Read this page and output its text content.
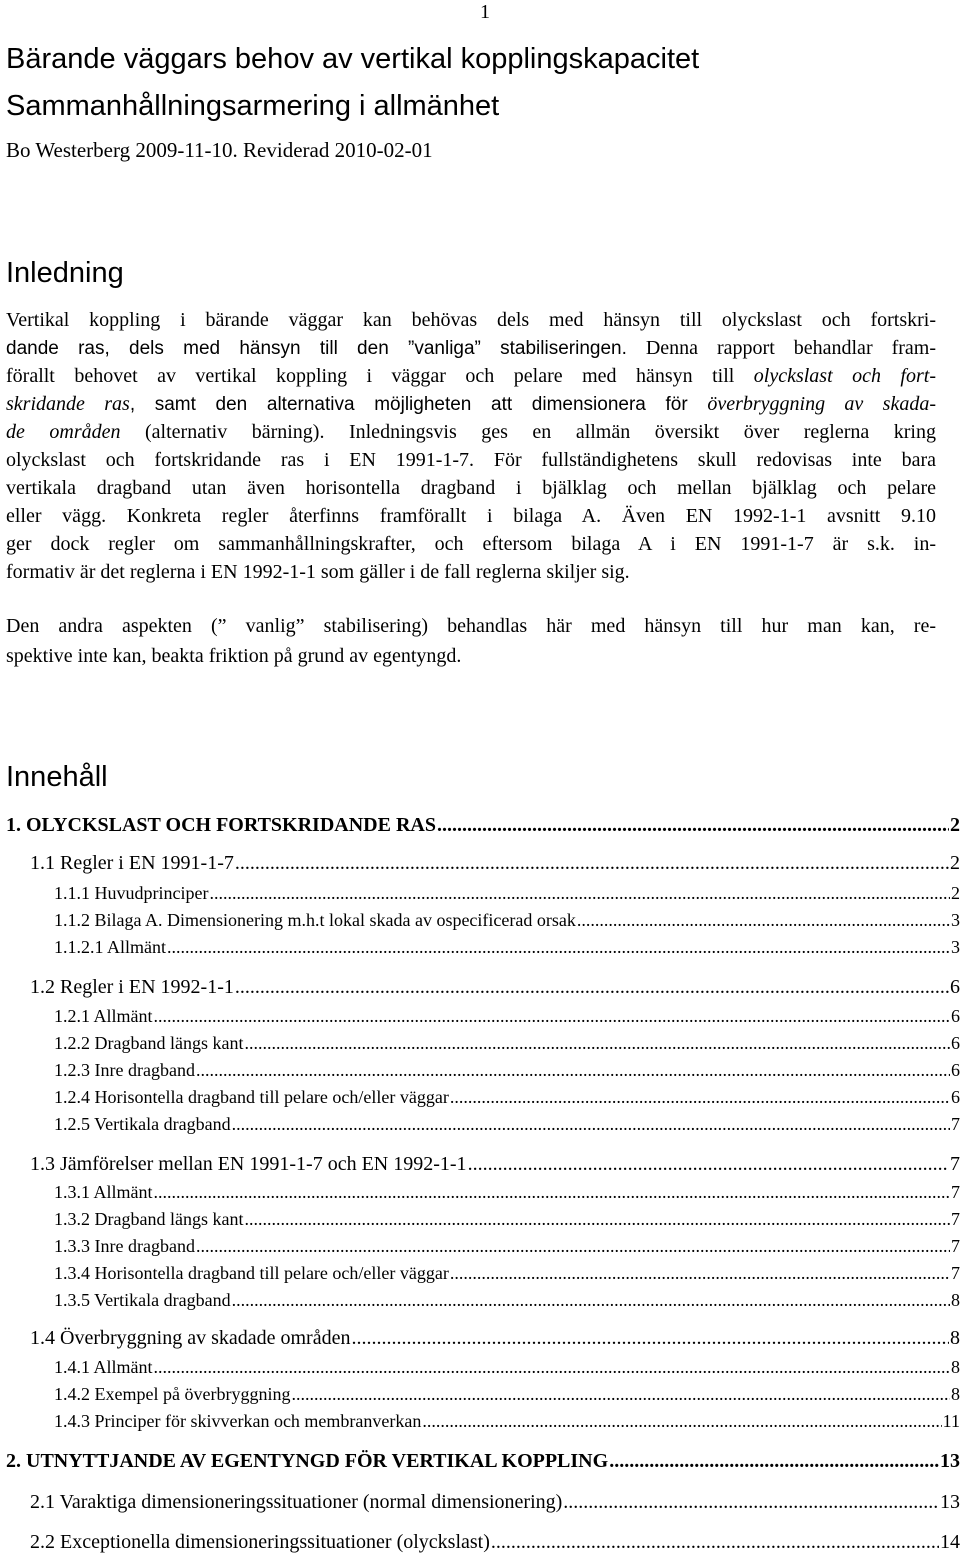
1
Bärande väggars behov av vertikal kopplingskapacitet
Sammanhållningsarmering i allmänhet
Bo Westerberg 2009-11-10. Reviderad 2010-02-01
Inledning
Vertikal koppling i bärande väggar kan behövas dels med hänsyn till olyckslast och fortskri-
dande ras, dels med hänsyn till den ”vanliga” stabiliseringen. Denna rapport behandlar fram-
förallt behovet av vertikal koppling i väggar och pelare med hänsyn till olyckslast och fort-
skridande ras, samt den alternativa möjligheten att dimensionera för överbryggning av skada-
de områden (alternativ bärning). Inledningsvis ges en allmän översikt över reglerna kring
olyckslast och fortskridande ras i EN 1991-1-7. För fullständighetens skull redovisas inte bara
vertikala dragband utan även horisontella dragband i bjälklag och mellan bjälklag och pelare
eller vägg. Konkreta regler återfinns framförallt i bilaga A. Även EN 1992-1-1 avsnitt 9.10
ger dock regler om sammanhållningskrafter, och eftersom bilaga A i EN 1991-1-7 är s.k. in-
formativ är det reglerna i EN 1992-1-1 som gäller i de fall reglerna skiljer sig.
Den andra aspekten (” vanlig” stabilisering) behandlas här med hänsyn till hur man kan, re-
spektive inte kan, beakta friktion på grund av egentyngd.
Innehåll
1. OLYCKSLAST OCH FORTSKRIDANDE RAS .....	2
1.1 Regler i EN 1991-1-7 .....	2
1.1.1 Huvudprinciper .....	2
1.1.2 Bilaga A. Dimensionering m.h.t lokal skada av ospecificerad orsak .....	3
1.1.2.1 Allmänt .....	3
1.2 Regler i EN 1992-1-1 .....	6
1.2.1 Allmänt .....	6
1.2.2 Dragband längs kant .....	6
1.2.3 Inre dragband .....	6
1.2.4 Horisontella dragband till pelare och/eller väggar .....	6
1.2.5 Vertikala dragband .....	7
1.3 Jämförelser mellan EN 1991-1-7 och EN 1992-1-1 .....	7
1.3.1 Allmänt .....	7
1.3.2 Dragband längs kant .....	7
1.3.3 Inre dragband .....	7
1.3.4 Horisontella dragband till pelare och/eller väggar .....	7
1.3.5 Vertikala dragband .....	8
1.4 Överbryggning av skadade områden .....	8
1.4.1 Allmänt .....	8
1.4.2 Exempel på överbryggning .....	8
1.4.3 Principer för skivverkan och membranverkan .....	11
2. UTNYTTJANDE AV EGENTYNGD FÖR VERTIKAL KOPPLING .....	13
2.1 Varaktiga dimensioneringssituationer (normal dimensionering) .....	13
2.2 Exceptionella dimensioneringssituationer (olyckslast) .....	14
